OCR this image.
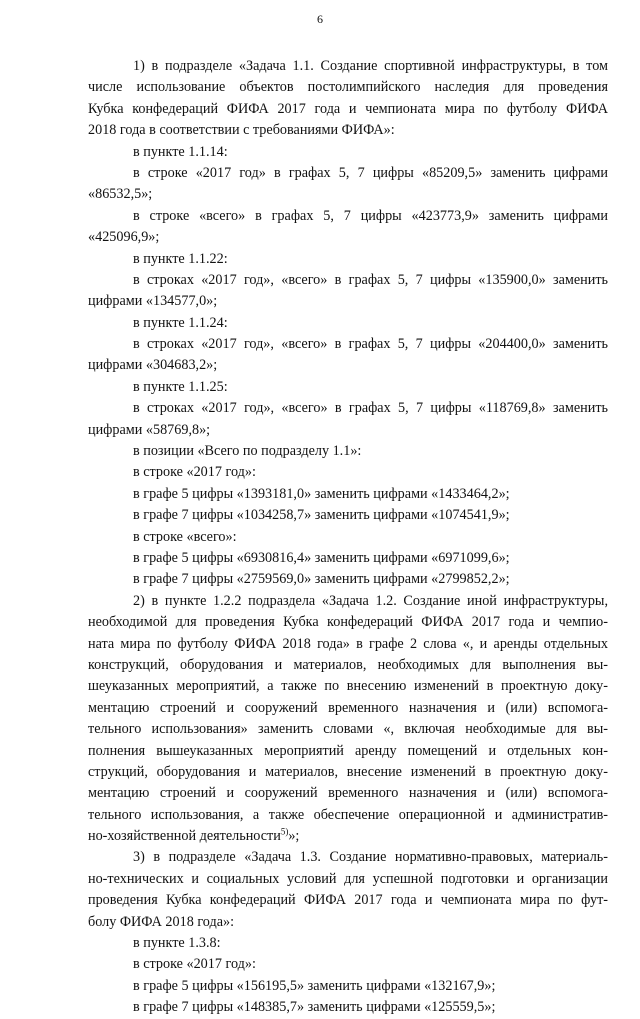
6
1) в подразделе «Задача 1.1. Создание спортивной инфраструктуры, в том
числе использование объектов постолимпийского наследия для проведения
Кубка конфедераций ФИФА 2017 года и чемпионата мира по футболу ФИФА
2018 года в соответствии с требованиями ФИФА»:
в пункте 1.1.14:
в строке «2017 год» в графах 5, 7 цифры «85209,5» заменить цифрами
«86532,5»;
в строке «всего» в графах 5, 7 цифры «423773,9» заменить цифрами
«425096,9»;
в пункте 1.1.22:
в строках «2017 год», «всего» в графах 5, 7 цифры «135900,0» заменить
цифрами «134577,0»;
в пункте 1.1.24:
в строках «2017 год», «всего» в графах 5, 7 цифры «204400,0» заменить
цифрами «304683,2»;
в пункте 1.1.25:
в строках «2017 год», «всего» в графах 5, 7 цифры «118769,8» заменить
цифрами «58769,8»;
в позиции «Всего по подразделу 1.1»:
в строке «2017 год»:
в графе 5 цифры «1393181,0» заменить цифрами «1433464,2»;
в графе 7 цифры «1034258,7» заменить цифрами «1074541,9»;
в строке «всего»:
в графе 5 цифры «6930816,4» заменить цифрами «6971099,6»;
в графе 7 цифры «2759569,0» заменить цифрами «2799852,2»;
2) в пункте 1.2.2 подраздела «Задача 1.2. Создание иной инфраструктуры,
необходимой для проведения Кубка конфедераций ФИФА 2017 года и чемпио-
ната мира по футболу ФИФА 2018 года» в графе 2 слова «, и аренды отдельных
конструкций, оборудования и материалов, необходимых для выполнения вы-
шеуказанных мероприятий, а также по внесению изменений в проектную доку-
ментацию строений и сооружений временного назначения и (или) вспомога-
тельного использования» заменить словами «, включая необходимые для вы-
полнения вышеуказанных мероприятий аренду помещений и отдельных кон-
струкций, оборудования и материалов, внесение изменений в проектную доку-
ментацию строений и сооружений временного назначения и (или) вспомога-
тельного использования, а также обеспечение операционной и административ-
но-хозяйственной деятельности$^{5)}$»;
3) в подразделе «Задача 1.3. Создание нормативно-правовых, материаль-
но-технических и социальных условий для успешной подготовки и организации
проведения Кубка конфедераций ФИФА 2017 года и чемпионата мира по фут-
болу ФИФА 2018 года»:
в пункте 1.3.8:
в строке «2017 год»:
в графе 5 цифры «156195,5» заменить цифрами «132167,9»;
в графе 7 цифры «148385,7» заменить цифрами «125559,5»;
